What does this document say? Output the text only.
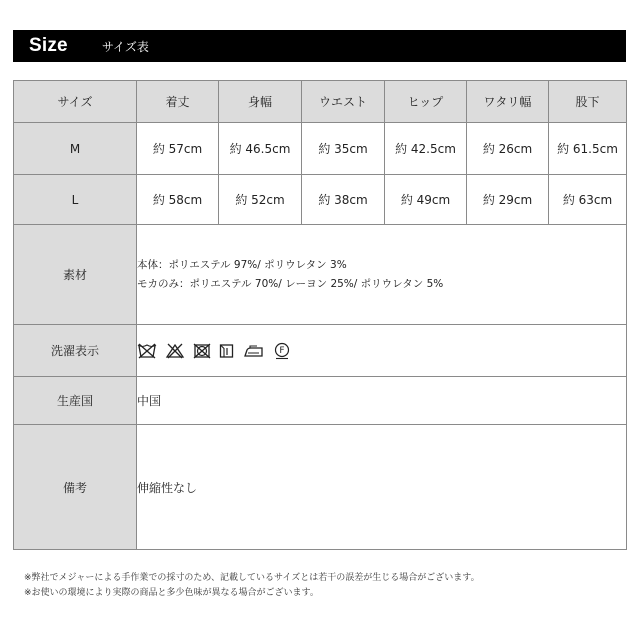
Size	サイズ表
サイズ	着丈	身幅	ウエスト	ヒップ	ワタリ幅	股下
M	約 57cm	約 46.5cm	約 35cm	約 42.5cm	約 26cm	約 61.5cm
L	約 58cm	約 52cm	約 38cm	約 49cm	約 29cm	約 63cm
素材	本体：ポリエステル 97%/ ポリウレタン 3%
モカのみ：ポリエステル 70%/ レーヨン 25%/ ポリウレタン 5%					

洗濯表示	F					

生産国	中国					
備考	伸縮性なし					
※弊社でメジャーによる手作業での採寸のため、記載しているサイズとは若干の誤差が生じる場合がございます。
※お使いの環境により実際の商品と多少色味が異なる場合がございます。
